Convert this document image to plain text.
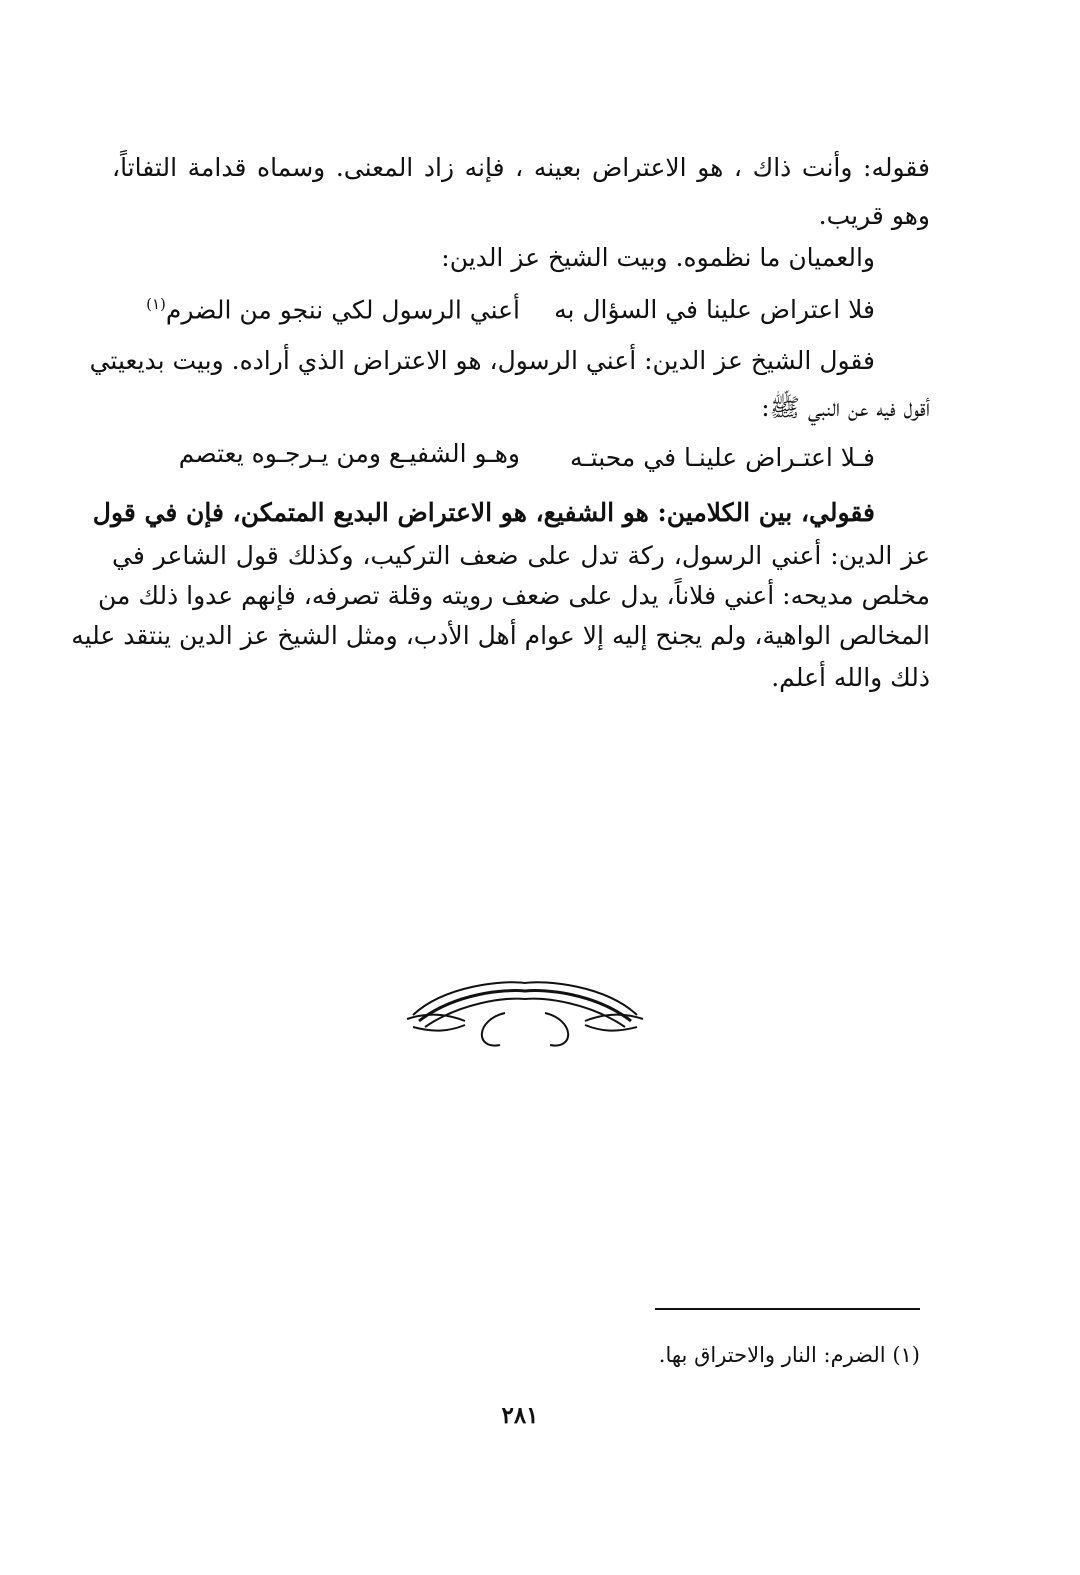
فقوله: وأنت ذاك ، هو الاعتراض بعينه ، فإنه زاد المعنى. وسماه قدامة التفاتاً،
وهو قريب.
والعميان ما نظموه. وبيت الشيخ عز الدين:
فلا اعتراض علينا في السؤال به
أعني الرسول لكي ننجو من الضرم$^{(١)}$
فقول الشيخ عز الدين: أعني الرسول، هو الاعتراض الذي أراده. وبيت بديعيتي
أقول فيه عن النبي ﷺ:
فـلا اعتـراض علينـا في محبتـه
وهـو الشفيـع ومن يـرجـوه يعتصم
فقولي، بين الكلامين: هو الشفيع، هو الاعتراض البديع المتمكن، فإن في قول
عز الدين: أعني الرسول، ركة تدل على ضعف التركيب، وكذلك قول الشاعر في
مخلص مديحه: أعني فلاناً، يدل على ضعف رويته وقلة تصرفه، فإنهم عدوا ذلك من
المخالص الواهية، ولم يجنح إليه إلا عوام أهل الأدب، ومثل الشيخ عز الدين ينتقد عليه
ذلك والله أعلم.
(١) الضرم: النار والاحتراق بها.
٢٨١
